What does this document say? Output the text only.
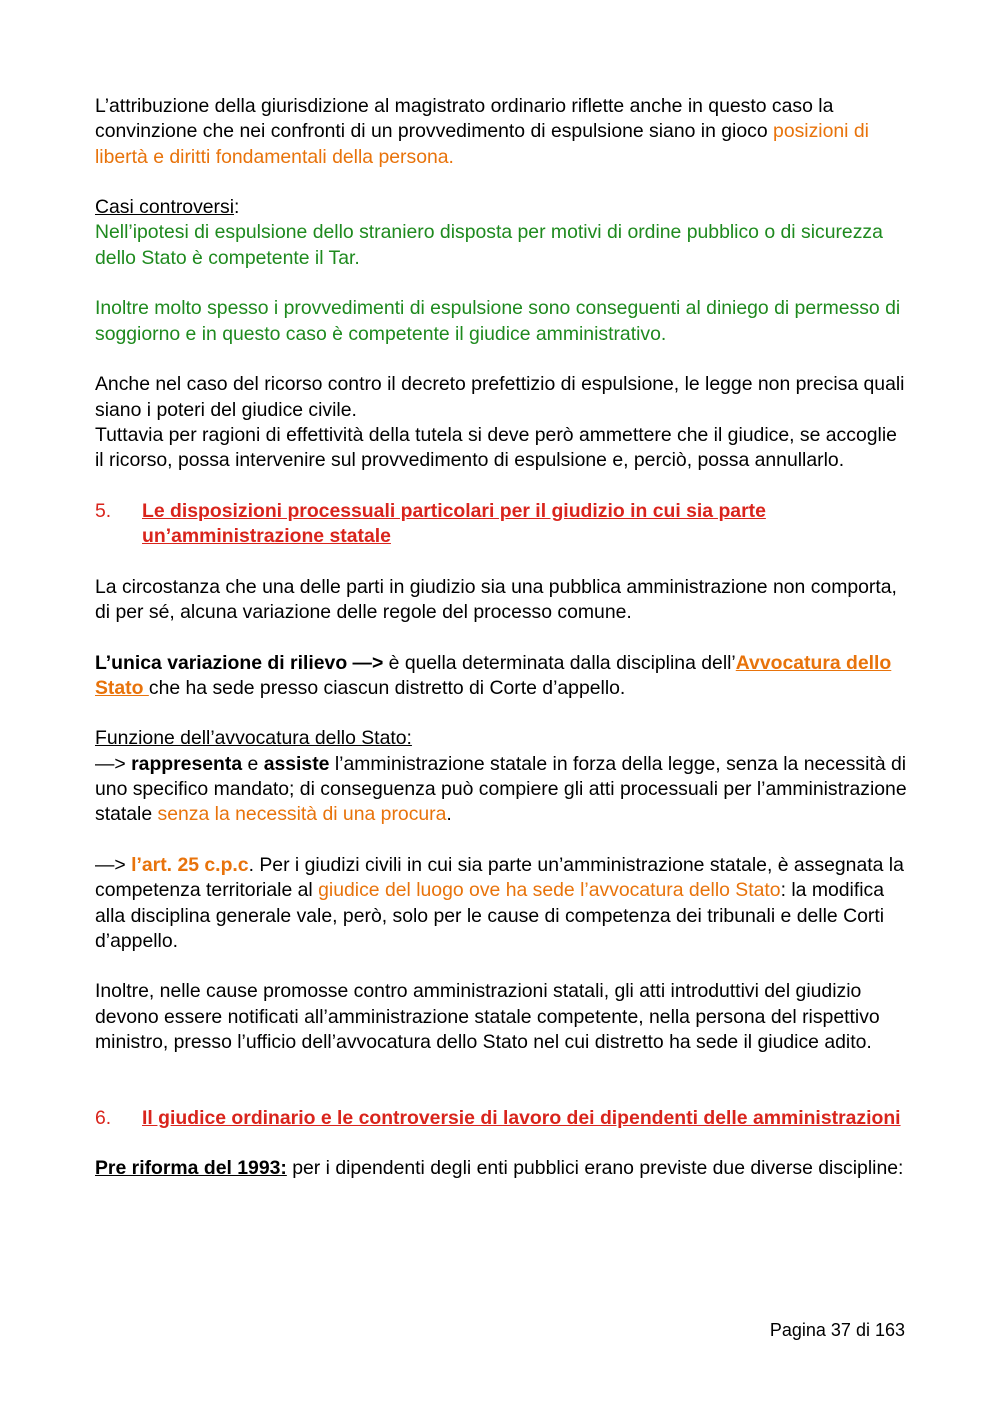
L’attribuzione della giurisdizione al magistrato ordinario riflette anche in questo caso la convinzione che nei confronti di un provvedimento di espulsione siano in gioco posizioni di libertà e diritti fondamentali della persona.

Casi controversi:

Nell’ipotesi di espulsione dello straniero disposta per motivi di ordine pubblico o di sicurezza dello Stato è competente il Tar.

Inoltre molto spesso i provvedimenti di espulsione sono conseguenti al diniego di permesso di soggiorno e in questo caso è competente il giudice amministrativo.

Anche nel caso del ricorso contro il decreto prefettizio di espulsione, le legge non precisa quali siano i poteri del giudice civile.

Tuttavia per ragioni di effettività della tutela si deve però ammettere che il giudice, se accoglie il ricorso, possa intervenire sul provvedimento di espulsione e, perciò, possa annullarlo.

5.	Le disposizioni processuali particolari per il giudizio in cui sia parte un’amministrazione statale

La circostanza che una delle parti in giudizio sia una pubblica amministrazione non comporta, di per sé, alcuna variazione delle regole del processo comune.

L’unica variazione di rilievo —> è quella determinata dalla disciplina dell’Avvocatura dello Stato che ha sede presso ciascun distretto di Corte d’appello.

Funzione dell’avvocatura dello Stato:

—> rappresenta e assiste l’amministrazione statale in forza della legge, senza la necessità di uno specifico mandato; di conseguenza può compiere gli atti processuali per l’amministrazione statale senza la necessità di una procura.

—> l’art. 25 c.p.c. Per i giudizi civili in cui sia parte un’amministrazione statale, è assegnata la competenza territoriale al giudice del luogo ove ha sede l’avvocatura dello Stato: la modifica alla disciplina generale vale, però, solo per le cause di competenza dei tribunali e delle Corti d’appello.

Inoltre, nelle cause promosse contro amministrazioni statali, gli atti introduttivi del giudizio devono essere notificati all’amministrazione statale competente, nella persona del rispettivo ministro, presso l’ufficio dell’avvocatura dello Stato nel cui distretto ha sede il giudice adito.

6.	Il giudice ordinario e le controversie di lavoro dei dipendenti delle amministrazioni

Pre riforma del 1993: per i dipendenti degli enti pubblici erano previste due diverse discipline:

Pagina 37 di 163
